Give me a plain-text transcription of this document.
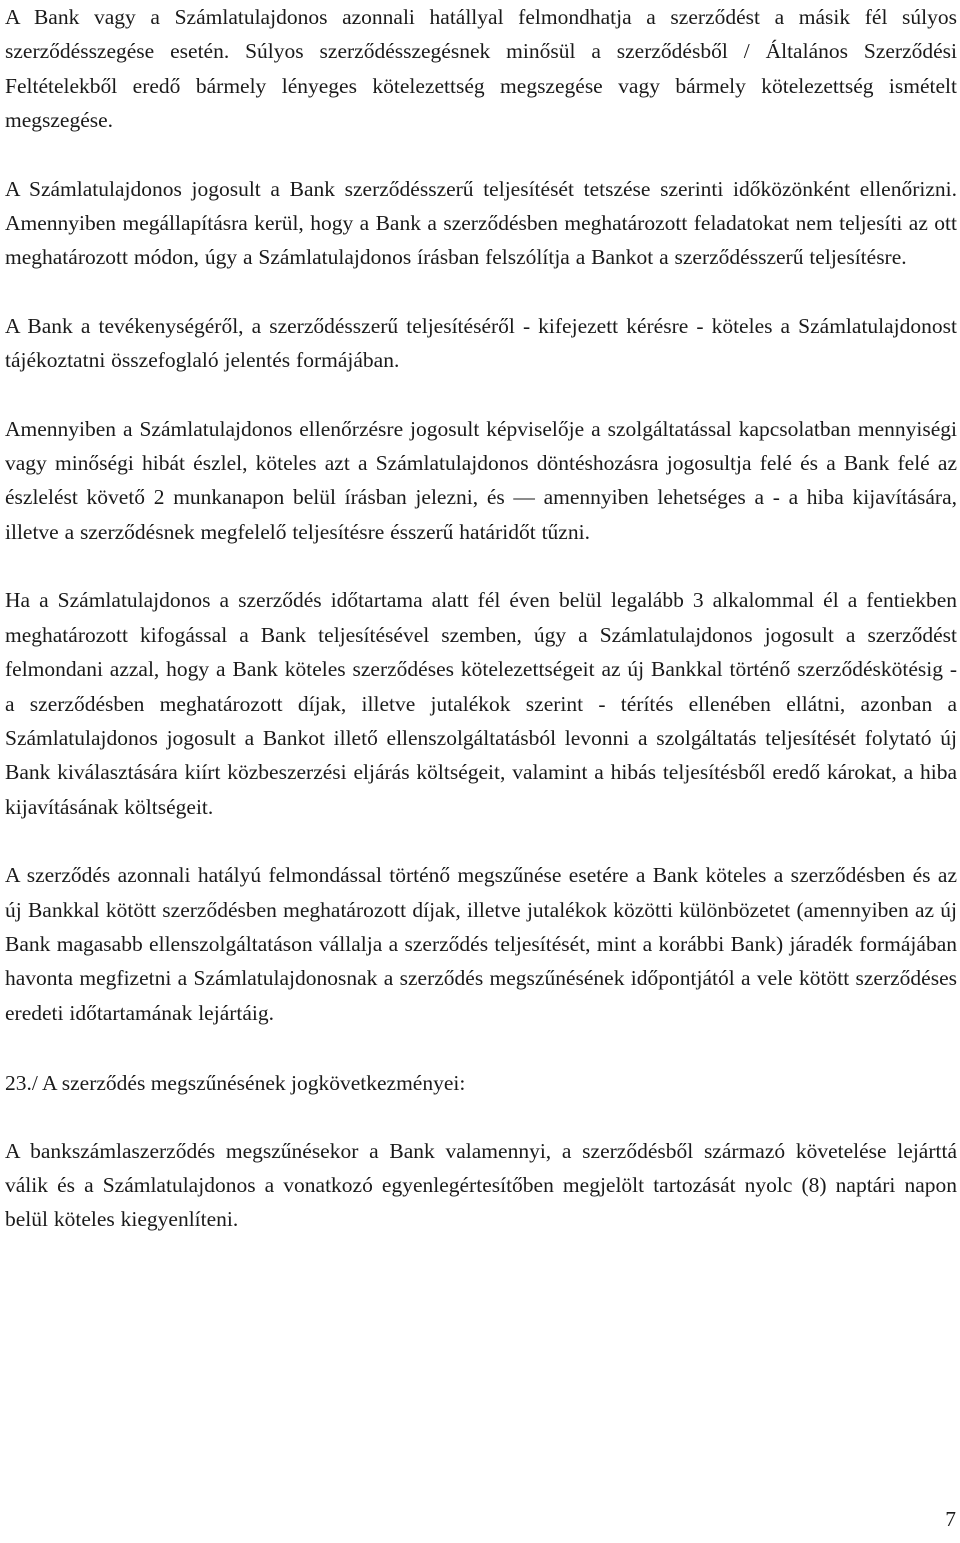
A Bank vagy a Számlatulajdonos azonnali hatállyal felmondhatja a szerződést a másik fél súlyos szerződésszegése esetén. Súlyos szerződésszegésnek minősül a szerződésből / Általános Szerződési Feltételekből eredő bármely lényeges kötelezettség megszegése vagy bármely kötelezettség ismételt megszegése.

A Számlatulajdonos jogosult a Bank szerződésszerű teljesítését tetszése szerinti időközönként ellenőrizni. Amennyiben megállapításra kerül, hogy a Bank a szerződésben meghatározott feladatokat nem teljesíti az ott meghatározott módon, úgy a Számlatulajdonos írásban felszólítja a Bankot a szerződésszerű teljesítésre.

A Bank a tevékenységéről, a szerződésszerű teljesítéséről - kifejezett kérésre - köteles a Számlatulajdonost tájékoztatni összefoglaló jelentés formájában.

Amennyiben a Számlatulajdonos ellenőrzésre jogosult képviselője a szolgáltatással kapcsolatban mennyiségi vagy minőségi hibát észlel, köteles azt a Számlatulajdonos döntéshozásra jogosultja felé és a Bank felé az észlelést követő 2 munkanapon belül írásban jelezni, és — amennyiben lehetséges a - a hiba kijavítására, illetve a szerződésnek megfelelő teljesítésre ésszerű határidőt tűzni.

Ha a Számlatulajdonos a szerződés időtartama alatt fél éven belül legalább 3 alkalommal él a fentiekben meghatározott kifogással a Bank teljesítésével szemben, úgy a Számlatulajdonos jogosult a szerződést felmondani azzal, hogy a Bank köteles szerződéses kötelezettségeit az új Bankkal történő szerződéskötésig - a szerződésben meghatározott díjak, illetve jutalékok szerint - térítés ellenében ellátni, azonban a Számlatulajdonos jogosult a Bankot illető ellenszolgáltatásból levonni a szolgáltatás teljesítését folytató új Bank kiválasztására kiírt közbeszerzési eljárás költségeit, valamint a hibás teljesítésből eredő károkat, a hiba kijavításának költségeit.

A szerződés azonnali hatályú felmondással történő megszűnése esetére a Bank köteles a szerződésben és az új Bankkal kötött szerződésben meghatározott díjak, illetve jutalékok közötti különbözetet (amennyiben az új Bank magasabb ellenszolgáltatáson vállalja a szerződés teljesítését, mint a korábbi Bank) járadék formájában havonta megfizetni a Számlatulajdonosnak a szerződés megszűnésének időpontjától a vele kötött szerződéses eredeti időtartamának lejártáig.

23./ A szerződés megszűnésének jogkövetkezményei:

A bankszámlaszerződés megszűnésekor a Bank valamennyi, a szerződésből származó követelése lejárttá válik és a Számlatulajdonos a vonatkozó egyenlegértesítőben megjelölt tartozását nyolc (8) naptári napon belül köteles kiegyenlíteni.

7
